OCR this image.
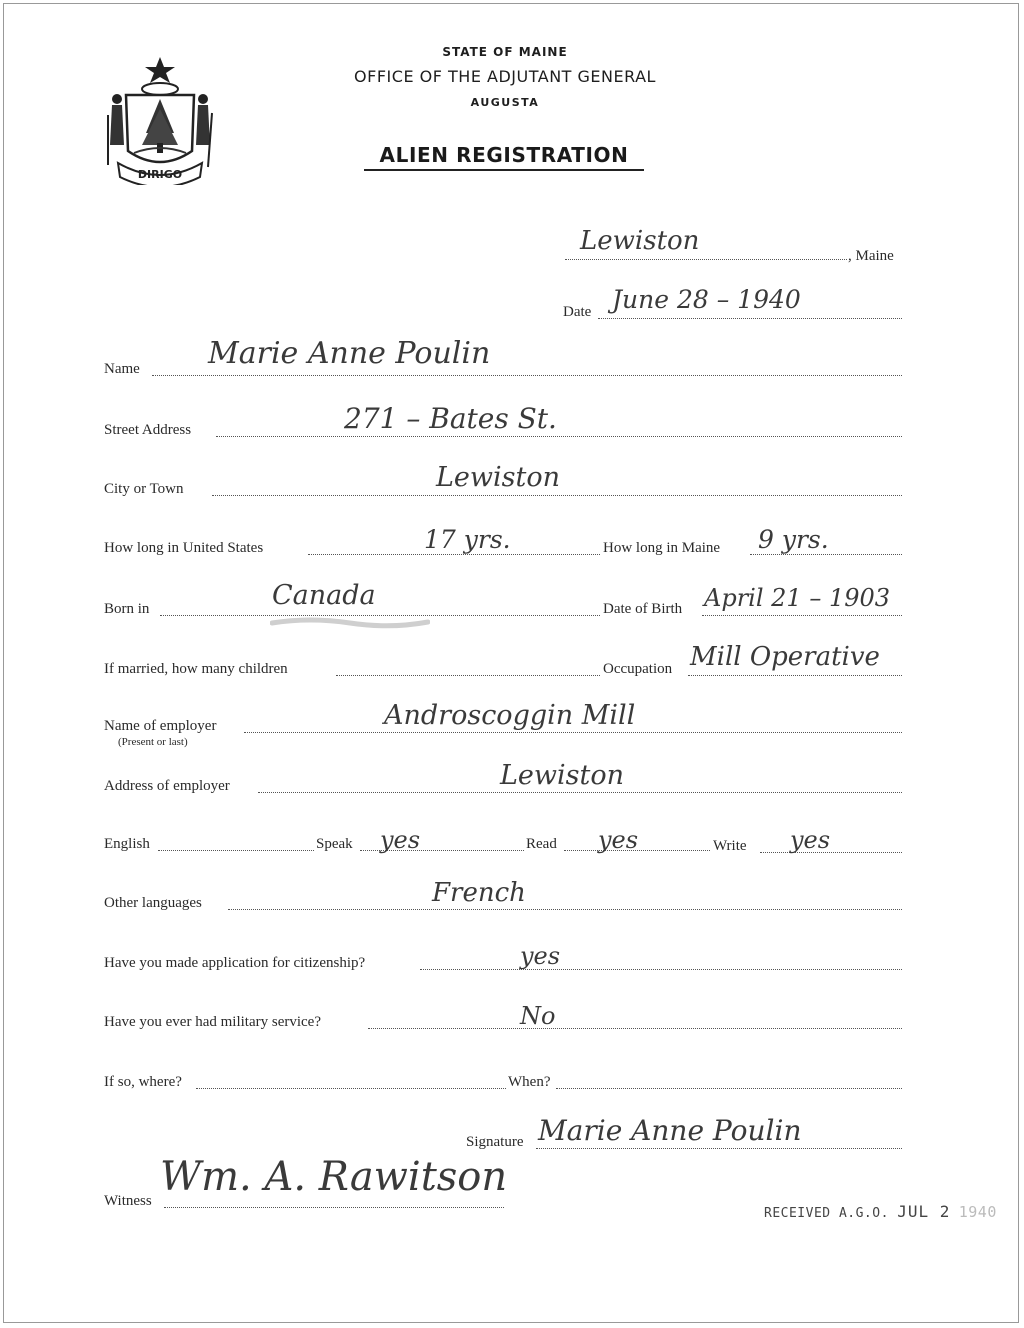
DIRIGO
STATE OF MAINE
OFFICE OF THE ADJUTANT GENERAL
AUGUSTA
ALIEN REGISTRATION
Lewiston	, Maine
Date June 28 – 1940
Name Marie Anne Poulin
Street Address	271 – Bates St.
City or Town	Lewiston
How long in United States	17 yrs.	How long in Maine 9 yrs.
Born in	Canada	Date of Birth April 21 – 1903
If married, how many children	Occupation Mill Operative
Name of employer
(Present or last)
Androscoggin Mill
Address of employer	Lewiston
English	Speak yes	Read yes	Write yes
Other languages	French
Have you made application for citizenship?	yes
Have you ever had military service?	No
If so, where?	When?
Signature Marie Anne Poulin
Witness
Wm. A. Rawitson
RECEIVED A.G.O. JUL 2 1940
